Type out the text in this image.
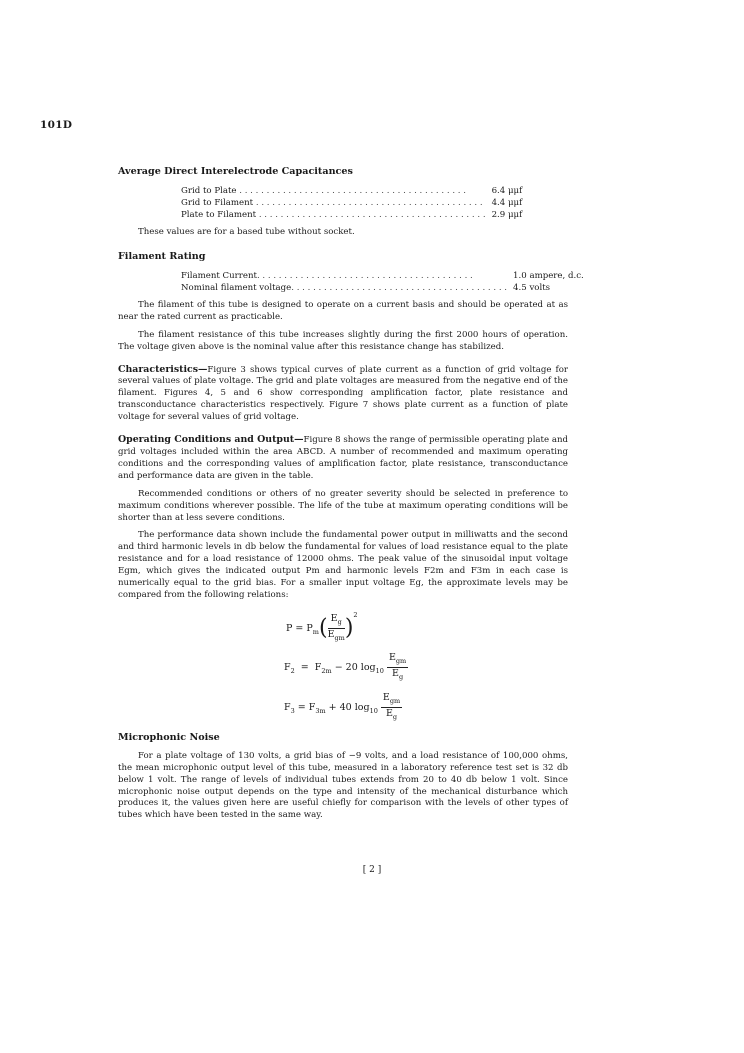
101D
Average Direct Interelectrode Capacitances
Grid to Plate . . . . . . . . . . . . . . . . . . . . . . . . . . . . . . . . . . . . . . . . . .	6.4 μμf
Grid to Filament . . . . . . . . . . . . . . . . . . . . . . . . . . . . . . . . . . . . . . . . . .	4.4 μμf
Plate to Filament . . . . . . . . . . . . . . . . . . . . . . . . . . . . . . . . . . . . . . . . . .	2.9 μμf

These values are for a based tube without socket.

Filament Rating
Filament Current. . . . . . . . . . . . . . . . . . . . . . . . . . . . . . . . . . . . . . . .	1.0 ampere, d.c.
Nominal filament voltage. . . . . . . . . . . . . . . . . . . . . . . . . . . . . . . . . . . . . . . .	4.5 volts

The filament of this tube is designed to operate on a current basis and should be operated at as near the rated current as practicable.

The filament resistance of this tube increases slightly during the first 2000 hours of operation. The voltage given above is the nominal value after this resistance change has stabilized.

Characteristics—Figure 3 shows typical curves of plate current as a function of grid voltage for several values of plate voltage. The grid and plate voltages are measured from the negative end of the filament. Figures 4, 5 and 6 show corresponding amplification factor, plate resistance and transconductance characteristics respectively. Figure 7 shows plate current as a function of plate voltage for several values of grid voltage.

Operating Conditions and Output—Figure 8 shows the range of permissible operating plate and grid voltages included within the area ABCD. A number of recommended and maximum operating conditions and the corresponding values of amplification factor, plate resistance, transconductance and performance data are given in the table.

Recommended conditions or others of no greater severity should be selected in preference to maximum conditions wherever possible. The life of the tube at maximum operating conditions will be shorter than at less severe conditions.

The performance data shown include the fundamental power output in milliwatts and the second and third harmonic levels in db below the fundamental for values of load resistance equal to the plate resistance and for a load resistance of 12000 ohms. The peak value of the sinusoidal input voltage Egm, which gives the indicated output Pm and harmonic levels F2m and F3m in each case is numerically equal to the grid bias. For a smaller input voltage Eg, the approximate levels may be compared from the following relations:

$P = P_m( \frac{E_g}{E_{gm}} )^2$
$F_2 = F_{2m} - 20$ $\log_{10} \frac{E_{gm}}{E_g}$
$F_3 = F_{3m} + 40$ $\log_{10} \frac{E_{gm}}{E_g}$
Microphonic Noise

For a plate voltage of 130 volts, a grid bias of −9 volts, and a load resistance of 100,000 ohms, the mean microphonic output level of this tube, measured in a laboratory reference test set is 32 db below 1 volt. The range of levels of individual tubes extends from 20 to 40 db below 1 volt. Since microphonic noise output depends on the type and intensity of the mechanical disturbance which produces it, the values given here are useful chiefly for comparison with the levels of other types of tubes which have been tested in the same way.

[ 2 ]
